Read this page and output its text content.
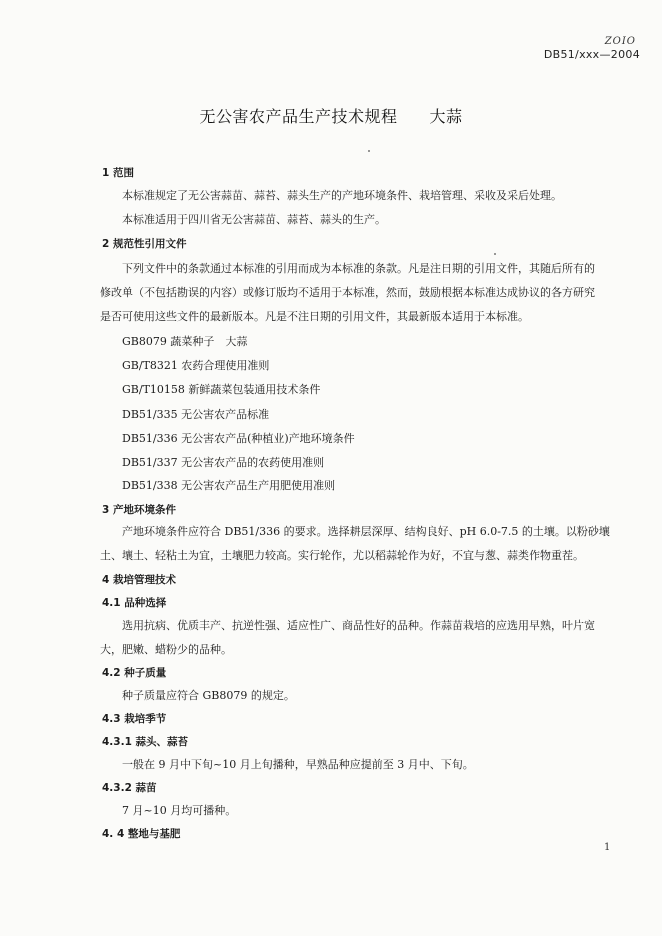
ZOIO
DB51/xxx—2004
无公害农产品生产技术规程 大蒜
1 范围
本标准规定了无公害蒜苗、蒜苔、蒜头生产的产地环境条件、栽培管理、采收及采后处理。
本标准适用于四川省无公害蒜苗、蒜苔、蒜头的生产。
2 规范性引用文件
下列文件中的条款通过本标准的引用而成为本标准的条款。凡是注日期的引用文件，其随后所有的
修改单（不包括勘误的内容）或修订版均不适用于本标准，然而，鼓励根据本标准达成协议的各方研究
是否可使用这些文件的最新版本。凡是不注日期的引用文件，其最新版本适用于本标准。
GB8079 蔬菜种子　大蒜
GB/T8321 农药合理使用准则
GB/T10158 新鲜蔬菜包装通用技术条件
DB51/335 无公害农产品标准
DB51/336 无公害农产品(种植业)产地环境条件
DB51/337 无公害农产品的农药使用准则
DB51/338 无公害农产品生产用肥使用准则
3 产地环境条件
产地环境条件应符合 DB51/336 的要求。选择耕层深厚、结构良好、pH 6.0-7.5 的土壤。以粉砂壤
土、壤土、轻粘土为宜，土壤肥力较高。实行轮作，尤以稻蒜轮作为好，不宜与葱、蒜类作物重茬。
4 栽培管理技术
4.1 品种选择
选用抗病、优质丰产、抗逆性强、适应性广、商品性好的品种。作蒜苗栽培的应选用早熟，叶片宽
大，肥嫩、蜡粉少的品种。
4.2 种子质量
种子质量应符合 GB8079 的规定。
4.3 栽培季节
4.3.1 蒜头、蒜苔
一般在 9 月中下旬~10 月上旬播种，早熟品种应提前至 3 月中、下旬。
4.3.2 蒜苗
7 月~10 月均可播种。
4. 4 整地与基肥
1
